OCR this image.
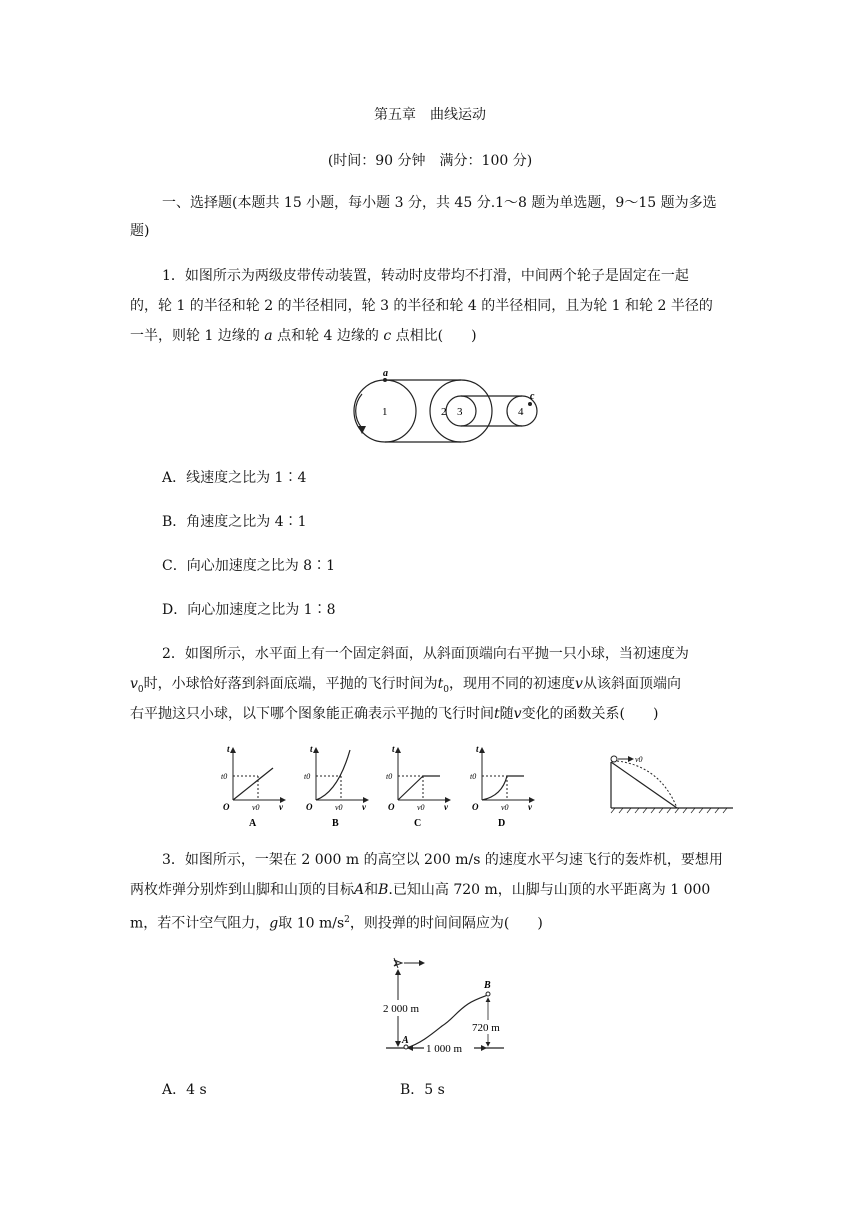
第五章　曲线运动
(时间：90 分钟　满分：100 分)
一、选择题(本题共 15 小题，每小题 3 分，共 45 分.1～8 题为单选题，9～15 题为多选
题)
1．如图所示为两级皮带传动装置，转动时皮带均不打滑，中间两个轮子是固定在一起
的，轮 1 的半径和轮 2 的半径相同，轮 3 的半径和轮 4 的半径相同，且为轮 1 和轮 2 半径的
一半，则轮 1 边缘的 a 点和轮 4 边缘的 c 点相比(　　)
a
c
1	2 3	4
A．线速度之比为 1∶4
B．角速度之比为 4∶1
C．向心加速度之比为 8∶1
D．向心加速度之比为 1∶8
2．如图所示，水平面上有一个固定斜面，从斜面顶端向右平抛一只小球，当初速度为
$v_0$时，小球恰好落到斜面底端，平抛的飞行时间为$t_0$，现用不同的初速度v从该斜面顶端向
右平抛这只小球，以下哪个图象能正确表示平抛的飞行时间t随v变化的函数关系(　　)
t
t0
O	v0 v
A
t
t0
O	v0 v
B
t
t0
O	v0 v
C
t
t0
O	v0 v
D
v0
3．如图所示，一架在 2 000 m 的高空以 200 m/s 的速度水平匀速飞行的轰炸机，要想用
两枚炸弹分别炸到山脚和山顶的目标A和B.已知山高 720 m，山脚与山顶的水平距离为 1 000
m，若不计空气阻力，g取 10 $m/s^2$，则投弹的时间间隔应为(　　)
2 000 m
A
B
720 m
1 000 m
A．4 s	B．5 s
